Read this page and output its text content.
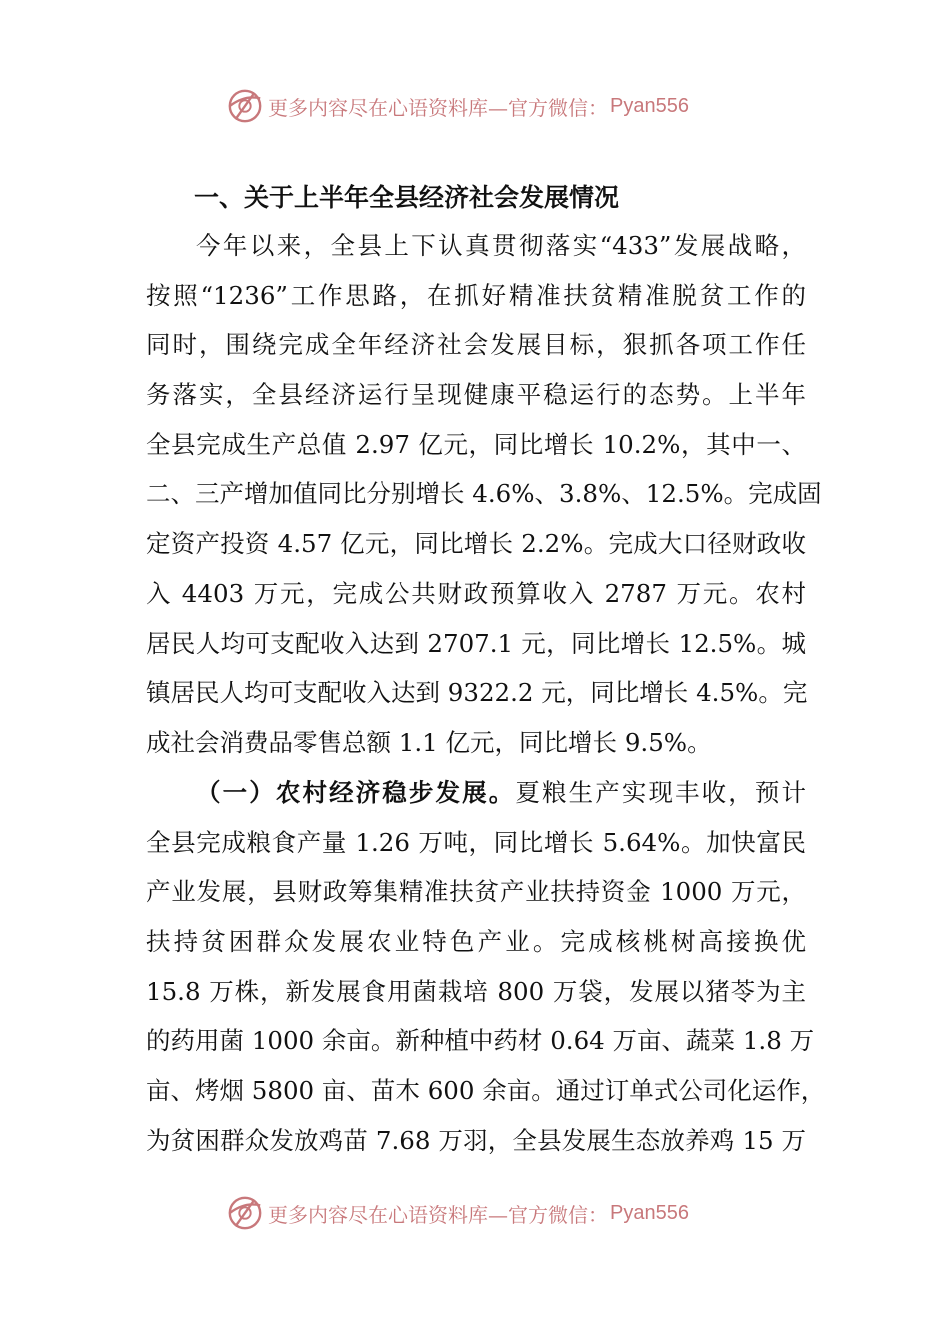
更多内容尽在心语资料库—官方微信： Pyan556
一、关于上半年全县经济社会发展情况
今年以来，全县上下认真贯彻落实“433”发展战略，
按照“1236”工作思路，在抓好精准扶贫精准脱贫工作的
同时，围绕完成全年经济社会发展目标，狠抓各项工作任
务落实，全县经济运行呈现健康平稳运行的态势。上半年
全县完成生产总值 2.97 亿元，同比增长 10.2%，其中一、
二、三产增加值同比分别增长 4.6%、3.8%、12.5%。完成固
定资产投资 4.57 亿元，同比增长 2.2%。完成大口径财政收
入 4403 万元，完成公共财政预算收入 2787 万元。农村
居民人均可支配收入达到 2707.1 元，同比增长 12.5%。城
镇居民人均可支配收入达到 9322.2 元，同比增长 4.5%。完
成社会消费品零售总额 1.1 亿元，同比增长 9.5%。
（一）农村经济稳步发展。夏粮生产实现丰收，预计
全县完成粮食产量 1.26 万吨，同比增长 5.64%。加快富民
产业发展，县财政筹集精准扶贫产业扶持资金 1000 万元，
扶持贫困群众发展农业特色产业。完成核桃树高接换优
15.8 万株，新发展食用菌栽培 800 万袋，发展以猪苓为主
的药用菌 1000 余亩。新种植中药材 0.64 万亩、蔬菜 1.8 万
亩、烤烟 5800 亩、苗木 600 余亩。通过订单式公司化运作，
为贫困群众发放鸡苗 7.68 万羽，全县发展生态放养鸡 15 万
更多内容尽在心语资料库—官方微信： Pyan556
